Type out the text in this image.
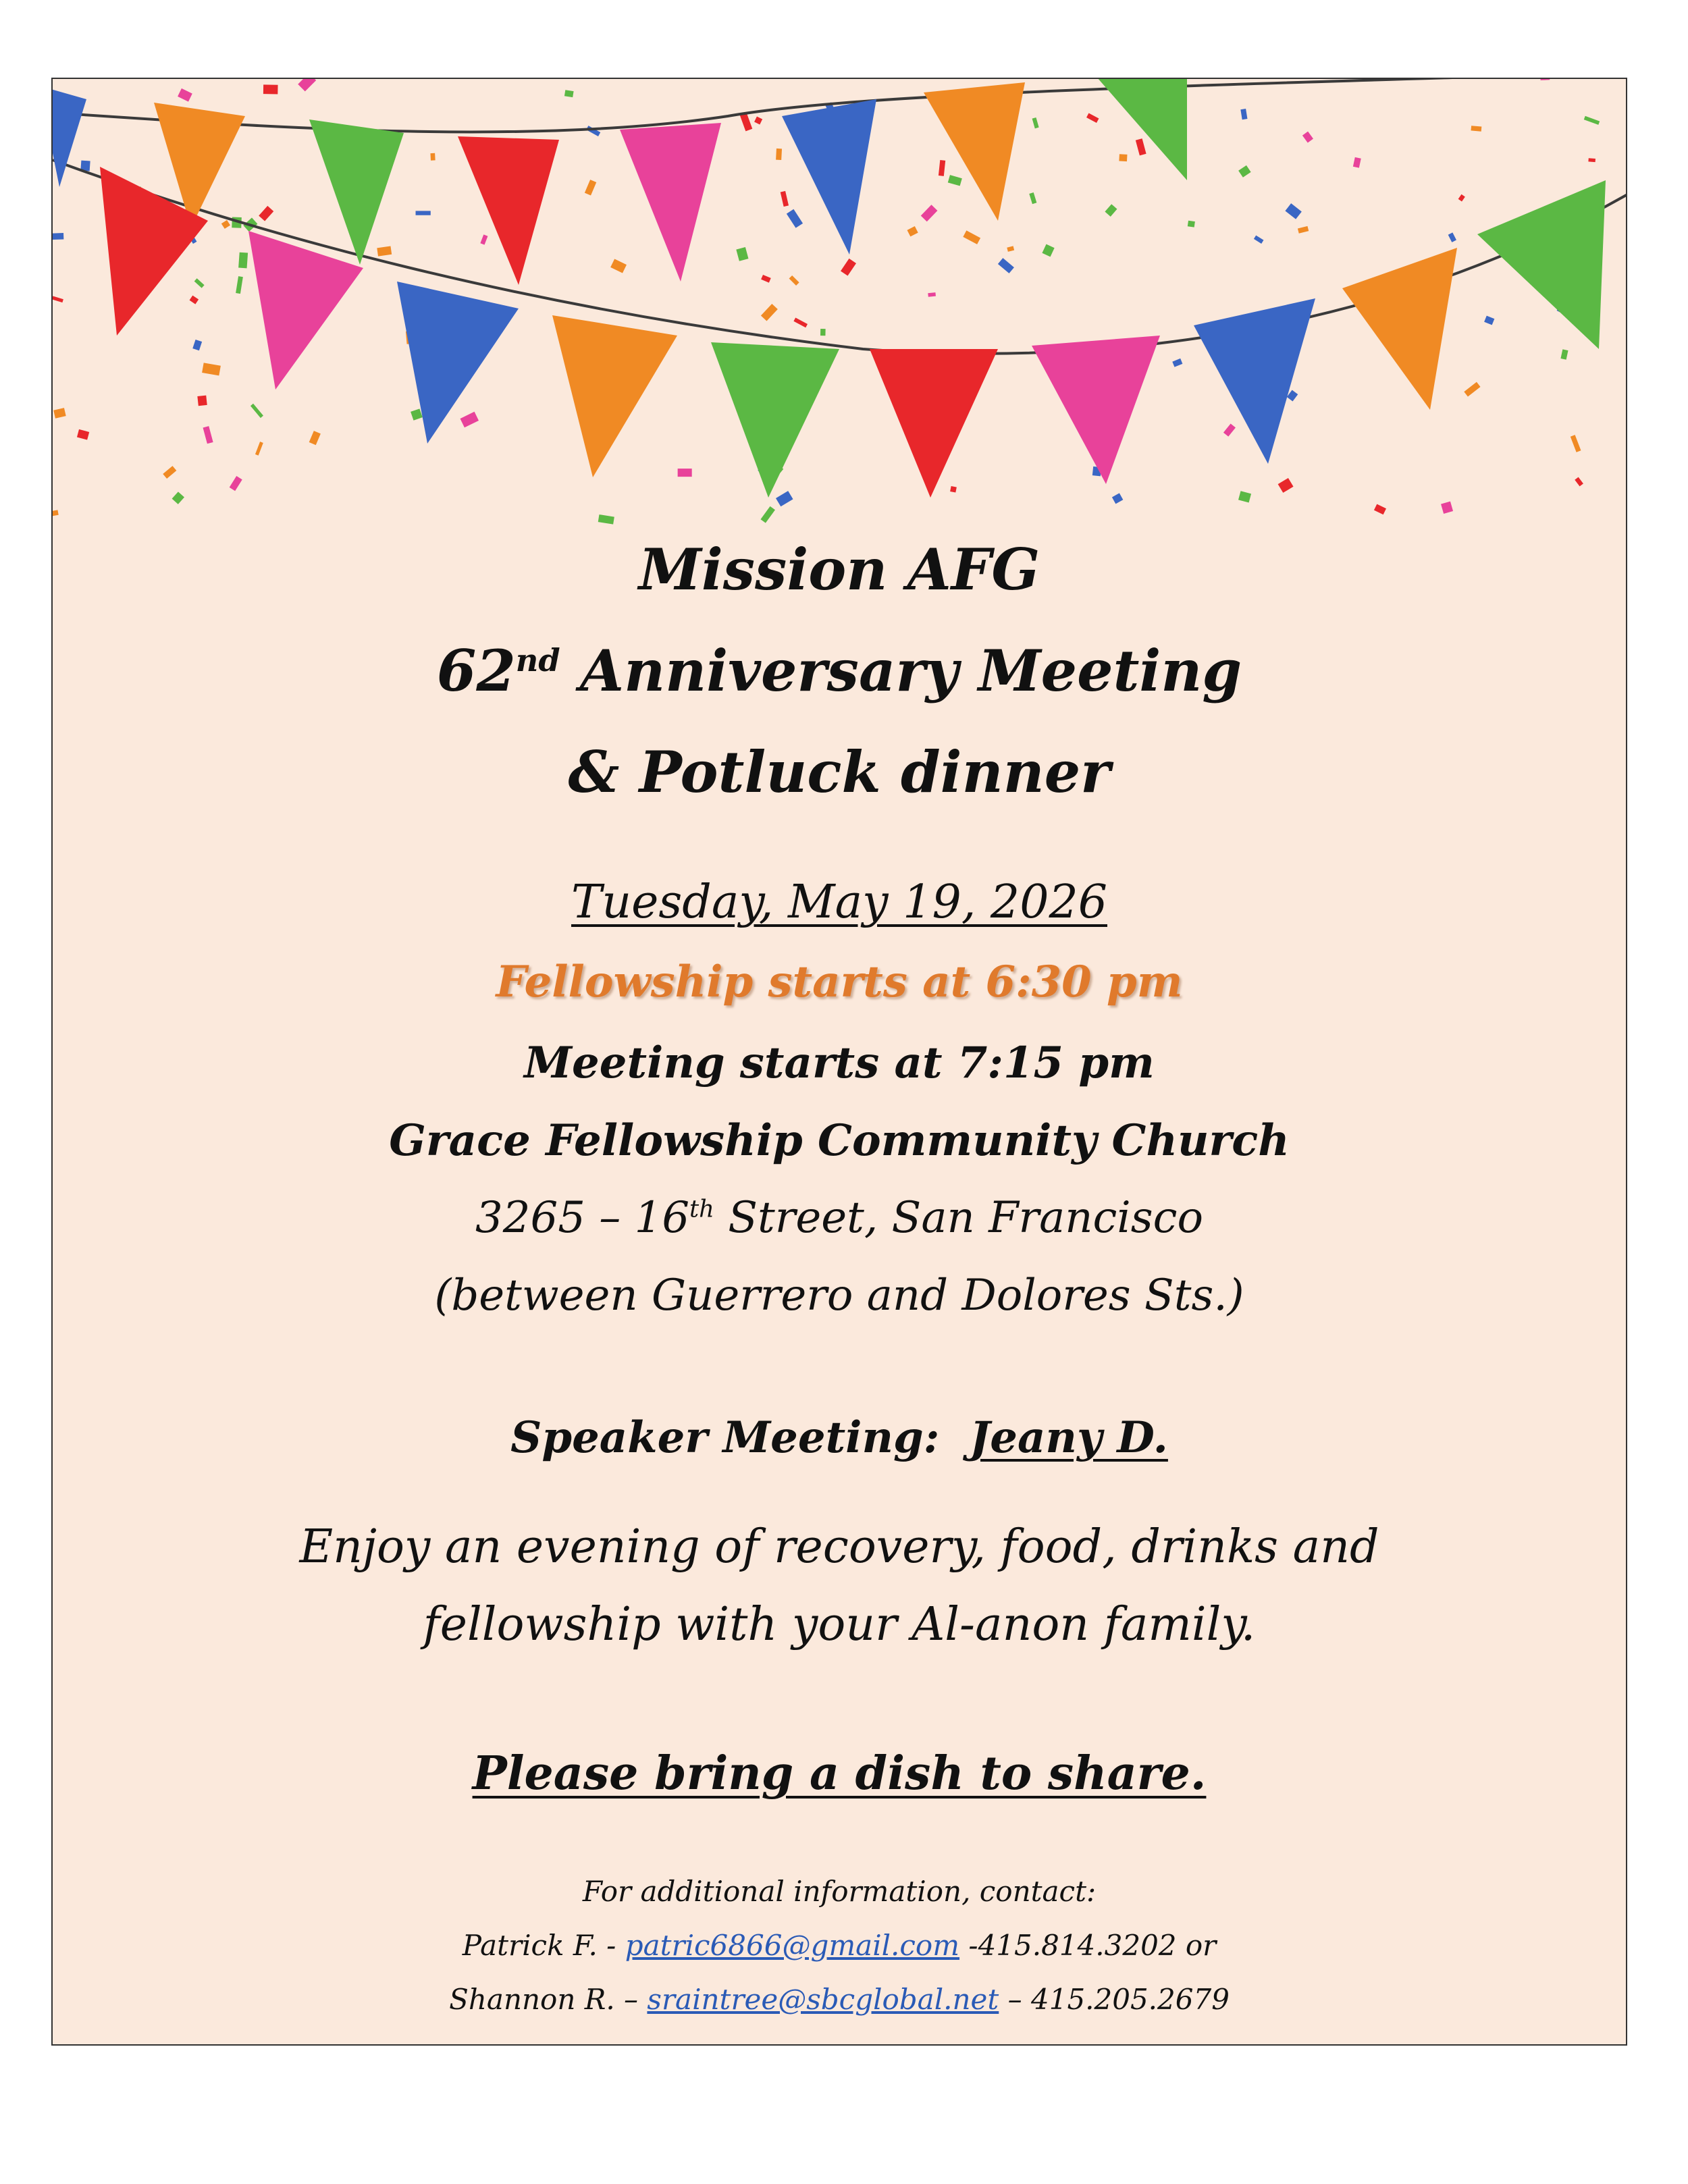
Mission AFG
62nd Anniversary Meeting
& Potluck dinner
Tuesday, May 19, 2026
Fellowship starts at 6:30 pm
Meeting starts at 7:15 pm
Grace Fellowship Community Church
3265 – 16th Street, San Francisco
(between Guerrero and Dolores Sts.)
Speaker Meeting: Jeany D.
Enjoy an evening of recovery, food, drinks and
fellowship with your Al-anon family.
Please bring a dish to share.
For additional information, contact:
Patrick F. - patric6866@gmail.com -415.814.3202 or
Shannon R. – sraintree@sbcglobal.net – 415.205.2679
